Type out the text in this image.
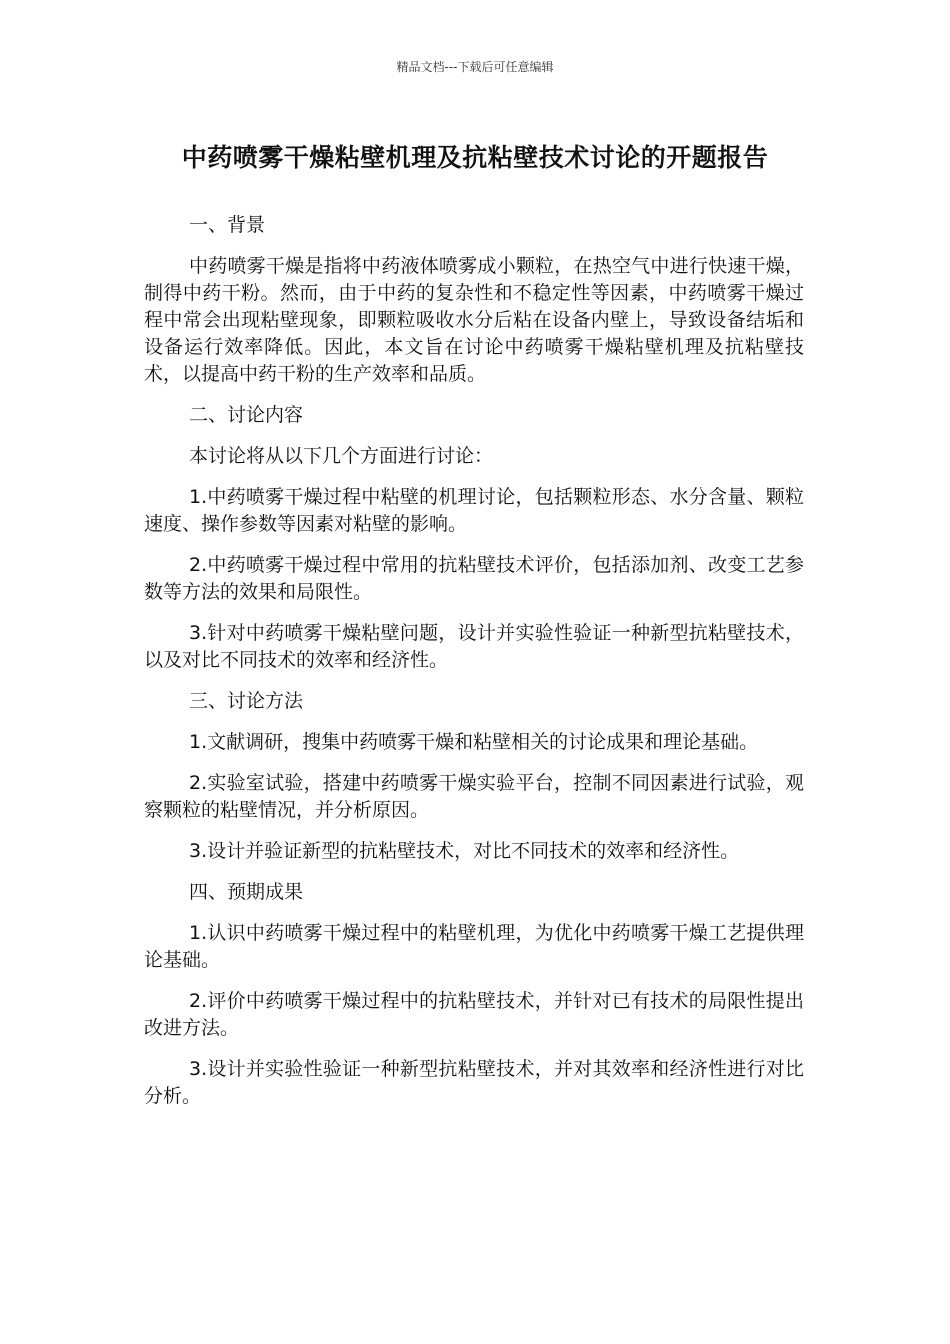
精品文档---下载后可任意编辑
中药喷雾干燥粘壁机理及抗粘壁技术讨论的开题报告

一、背景

中药喷雾干燥是指将中药液体喷雾成小颗粒，在热空气中进行快速干燥，制得中药干粉。然而，由于中药的复杂性和不稳定性等因素，中药喷雾干燥过程中常会出现粘壁现象，即颗粒吸收水分后粘在设备内壁上，导致设备结垢和设备运行效率降低。因此，本文旨在讨论中药喷雾干燥粘壁机理及抗粘壁技术，以提高中药干粉的生产效率和品质。

二、讨论内容

本讨论将从以下几个方面进行讨论：

1.中药喷雾干燥过程中粘壁的机理讨论，包括颗粒形态、水分含量、颗粒速度、操作参数等因素对粘壁的影响。

2.中药喷雾干燥过程中常用的抗粘壁技术评价，包括添加剂、改变工艺参数等方法的效果和局限性。

3.针对中药喷雾干燥粘壁问题，设计并实验性验证一种新型抗粘壁技术，以及对比不同技术的效率和经济性。

三、讨论方法

1.文献调研，搜集中药喷雾干燥和粘壁相关的讨论成果和理论基础。

2.实验室试验，搭建中药喷雾干燥实验平台，控制不同因素进行试验，观察颗粒的粘壁情况，并分析原因。

3.设计并验证新型的抗粘壁技术，对比不同技术的效率和经济性。

四、预期成果

1.认识中药喷雾干燥过程中的粘壁机理，为优化中药喷雾干燥工艺提供理论基础。

2.评价中药喷雾干燥过程中的抗粘壁技术，并针对已有技术的局限性提出改进方法。

3.设计并实验性验证一种新型抗粘壁技术，并对其效率和经济性进行对比分析。
